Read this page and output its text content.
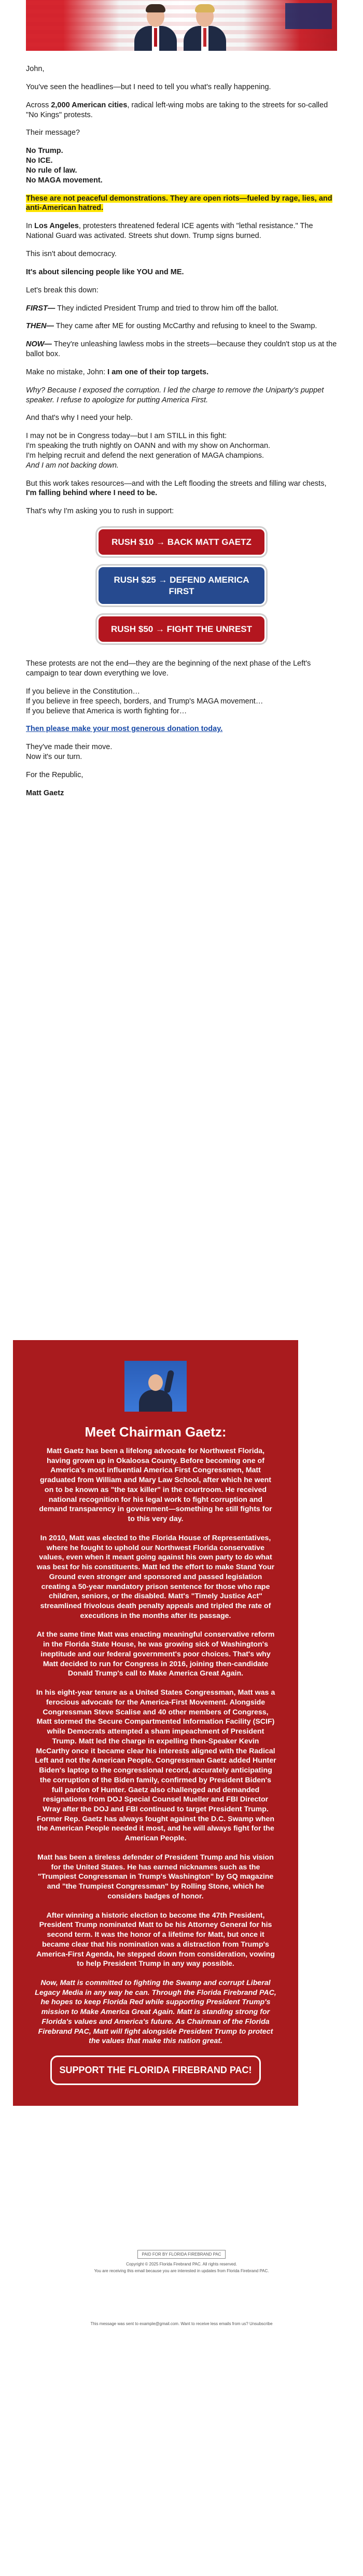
John,

You've seen the headlines—but I need to tell you what's really happening.

Across 2,000 American cities, radical left-wing mobs are taking to the streets for so-called "No Kings" protests.

Their message?

No Trump.
No ICE.
No rule of law.
No MAGA movement.

These are not peaceful demonstrations. They are open riots—fueled by rage, lies, and anti-American hatred.

In Los Angeles, protesters threatened federal ICE agents with "lethal resistance." The National Guard was activated. Streets shut down. Trump signs burned.

This isn't about democracy.

It's about silencing people like YOU and ME.

Let's break this down:

FIRST— They indicted President Trump and tried to throw him off the ballot.

THEN— They came after ME for ousting McCarthy and refusing to kneel to the Swamp.

NOW— They're unleashing lawless mobs in the streets—because they couldn't stop us at the ballot box.

Make no mistake, John: I am one of their top targets.

Why? Because I exposed the corruption. I led the charge to remove the Uniparty's puppet speaker. I refuse to apologize for putting America First.

And that's why I need your help.

I may not be in Congress today—but I am STILL in this fight:
I'm speaking the truth nightly on OANN and with my show on Anchorman.
I'm helping recruit and defend the next generation of MAGA champions.
And I am not backing down.

But this work takes resources—and with the Left flooding the streets and filling war chests, I'm falling behind where I need to be.

That's why I'm asking you to rush in support:

RUSH $10 → BACK MATT GAETZ
RUSH $25 → DEFEND AMERICA FIRST
RUSH $50 → FIGHT THE UNREST

These protests are not the end—they are the beginning of the next phase of the Left's campaign to tear down everything we love.

If you believe in the Constitution…
If you believe in free speech, borders, and Trump's MAGA movement…
If you believe that America is worth fighting for…

Then please make your most generous donation today.

They've made their move.
Now it's our turn.

For the Republic,

Matt Gaetz

Meet Chairman Gaetz:

Matt Gaetz has been a lifelong advocate for Northwest Florida, having grown up in Okaloosa County. Before becoming one of America's most influential America First Congressmen, Matt graduated from William and Mary Law School, after which he went on to be known as "the tax killer" in the courtroom. He received national recognition for his legal work to fight corruption and demand transparency in government—something he still fights for to this very day.

In 2010, Matt was elected to the Florida House of Representatives, where he fought to uphold our Northwest Florida conservative values, even when it meant going against his own party to do what was best for his constituents. Matt led the effort to make Stand Your Ground even stronger and sponsored and passed legislation creating a 50-year mandatory prison sentence for those who rape children, seniors, or the disabled. Matt's "Timely Justice Act" streamlined frivolous death penalty appeals and tripled the rate of executions in the months after its passage.

At the same time Matt was enacting meaningful conservative reform in the Florida State House, he was growing sick of Washington's ineptitude and our federal government's poor choices. That's why Matt decided to run for Congress in 2016, joining then-candidate Donald Trump's call to Make America Great Again.

In his eight-year tenure as a United States Congressman, Matt was a ferocious advocate for the America-First Movement. Alongside Congressman Steve Scalise and 40 other members of Congress, Matt stormed the Secure Compartmented Information Facility (SCIF) while Democrats attempted a sham impeachment of President Trump. Matt led the charge in expelling then-Speaker Kevin McCarthy once it became clear his interests aligned with the Radical Left and not the American People. Congressman Gaetz added Hunter Biden's laptop to the congressional record, accurately anticipating the corruption of the Biden family, confirmed by President Biden's full pardon of Hunter. Gaetz also challenged and demanded resignations from DOJ Special Counsel Mueller and FBI Director Wray after the DOJ and FBI continued to target President Trump. Former Rep. Gaetz has always fought against the D.C. Swamp when the American People needed it most, and he will always fight for the American People.

Matt has been a tireless defender of President Trump and his vision for the United States. He has earned nicknames such as the "Trumpiest Congressman in Trump's Washington" by GQ magazine and "the Trumpiest Congressman" by Rolling Stone, which he considers badges of honor.

After winning a historic election to become the 47th President, President Trump nominated Matt to be his Attorney General for his second term. It was the honor of a lifetime for Matt, but once it became clear that his nomination was a distraction from Trump's America-First Agenda, he stepped down from consideration, vowing to help President Trump in any way possible.

Now, Matt is committed to fighting the Swamp and corrupt Liberal Legacy Media in any way he can. Through the Florida Firebrand PAC, he hopes to keep Florida Red while supporting President Trump's mission to Make America Great Again. Matt is standing strong for Florida's values and America's future. As Chairman of the Florida Firebrand PAC, Matt will fight alongside President Trump to protect the values that make this nation great.

SUPPORT THE FLORIDA FIREBRAND PAC!
PAID FOR BY FLORIDA FIREBRAND PAC
Copyright © 2025 Florida Firebrand PAC. All rights reserved.
You are receiving this email because you are interested in updates from Florida Firebrand PAC.
This message was sent to example@gmail.com. Want to receive less emails from us? Unsubscribe
